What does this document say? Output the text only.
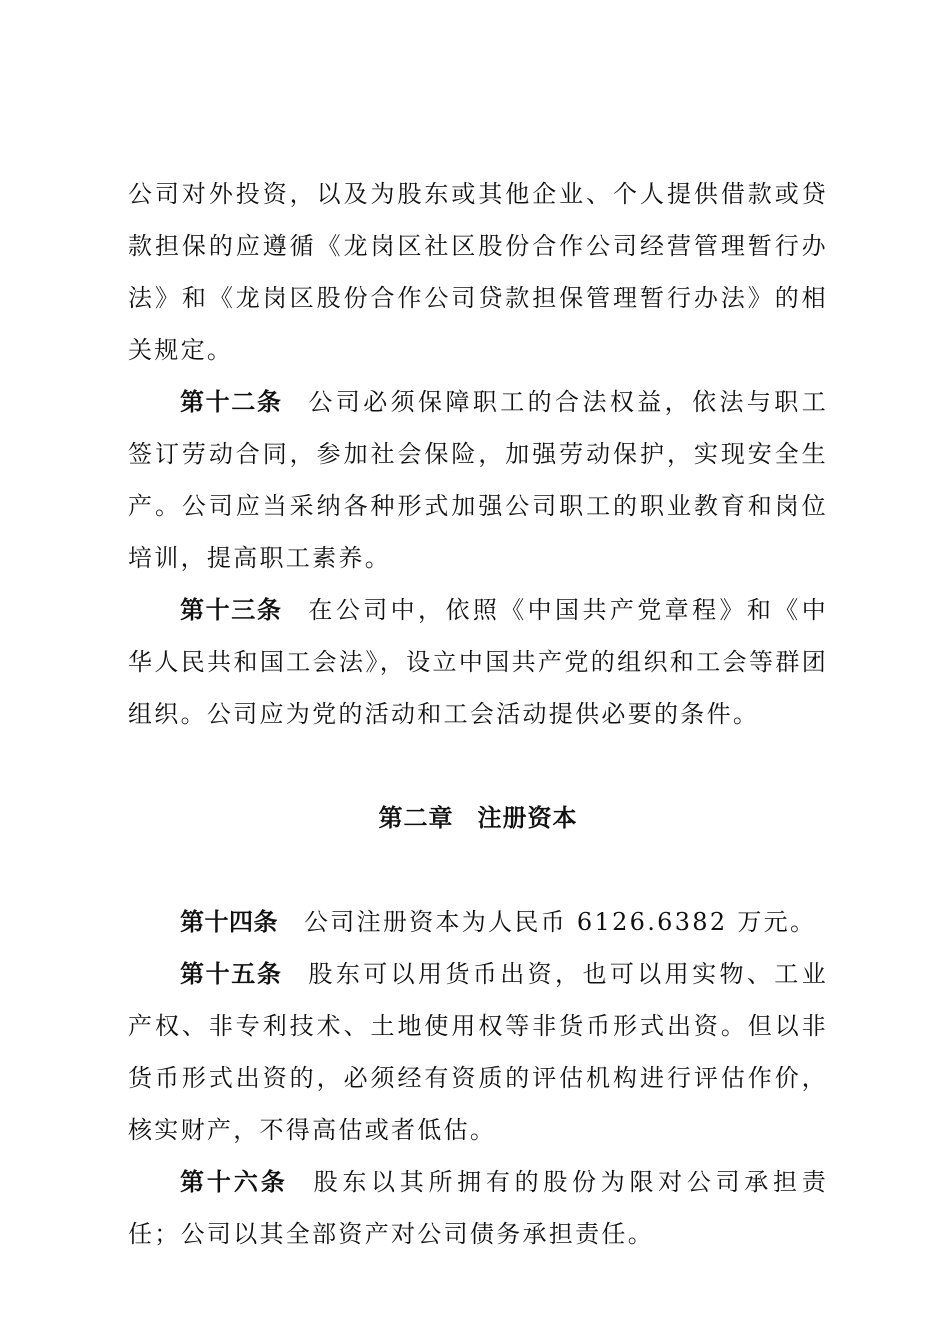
公司对外投资，以及为股东或其他企业、个人提供借款或贷款担保的应遵循《龙岗区社区股份合作公司经营管理暂行办法》和《龙岗区股份合作公司贷款担保管理暂行办法》的相关规定。

第十二条 公司必须保障职工的合法权益，依法与职工签订劳动合同，参加社会保险，加强劳动保护，实现安全生产。公司应当采纳各种形式加强公司职工的职业教育和岗位培训，提高职工素养。

第十三条 在公司中，依照《中国共产党章程》和《中华人民共和国工会法》，设立中国共产党的组织和工会等群团组织。公司应为党的活动和工会活动提供必要的条件。

第二章 注册资本

第十四条 公司注册资本为人民币 6126.6382 万元。

第十五条 股东可以用货币出资，也可以用实物、工业产权、非专利技术、土地使用权等非货币形式出资。但以非货币形式出资的，必须经有资质的评估机构进行评估作价，核实财产，不得高估或者低估。

第十六条 股东以其所拥有的股份为限对公司承担责任；公司以其全部资产对公司债务承担责任。
